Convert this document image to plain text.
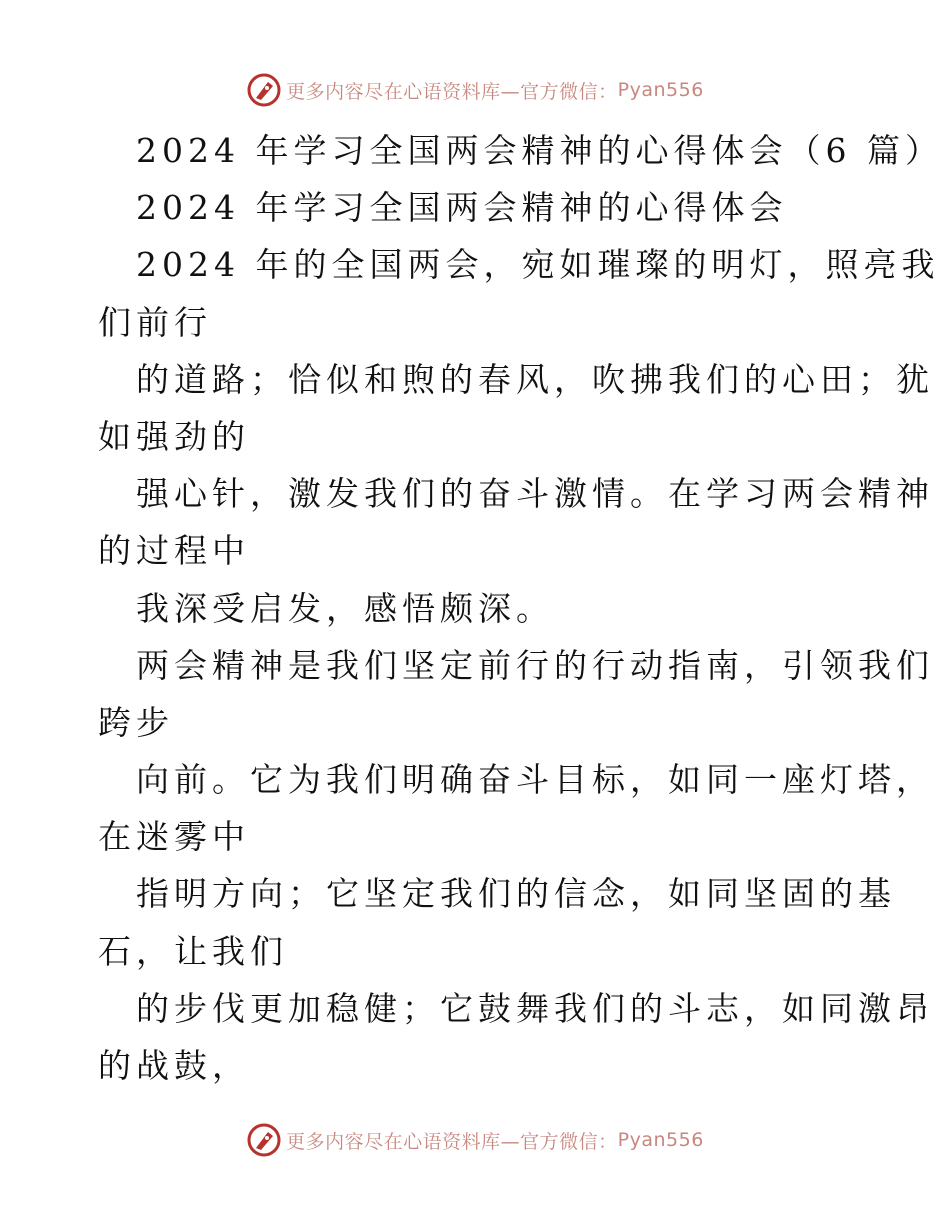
更多内容尽在心语资料库—官方微信： Pyan556
2024 年学习全国两会精神的心得体会（6 篇）
2024 年学习全国两会精神的心得体会
2024 年的全国两会，宛如璀璨的明灯，照亮我
们前行
的道路；恰似和煦的春风，吹拂我们的心田；犹
如强劲的
强心针，激发我们的奋斗激情。在学习两会精神
的过程中
我深受启发，感悟颇深。
两会精神是我们坚定前行的行动指南，引领我们
跨步
向前。它为我们明确奋斗目标，如同一座灯塔，
在迷雾中
指明方向；它坚定我们的信念，如同坚固的基
石，让我们
的步伐更加稳健；它鼓舞我们的斗志，如同激昂
的战鼓，
更多内容尽在心语资料库—官方微信： Pyan556
